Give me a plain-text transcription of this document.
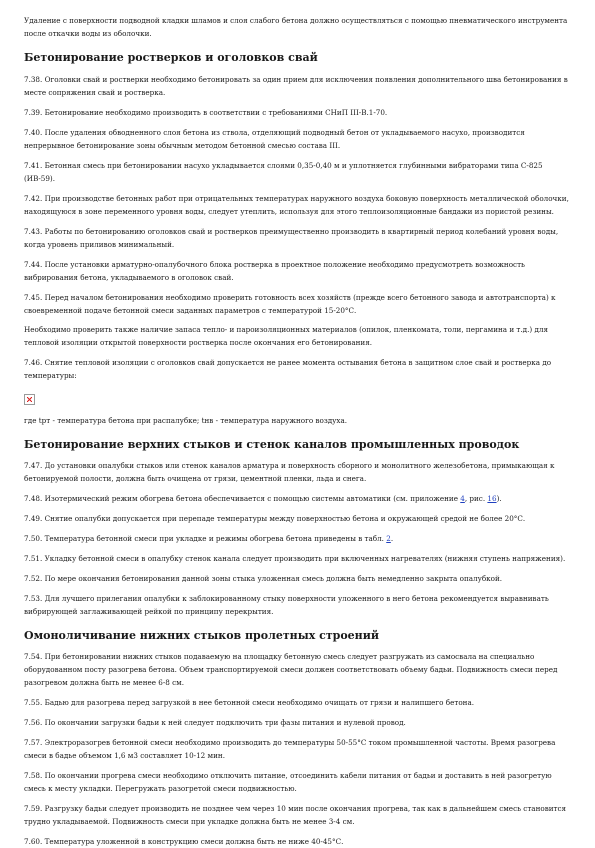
Удаление с поверхности подводной кладки шламов и слоя слабого бетона должно осуществляться с помощью пневматического инструмента после откачки воды из оболочки.

Бетонирование ростверков и оголовков свай

7.38. Оголовки свай и ростверки необходимо бетонировать за один прием для исключения появления дополнительного шва бетонирования в месте сопряжения свай и ростверка.

7.39. Бетонирование необходимо производить в соответствии с требованиями СНиП III-В.1-70.

7.40. После удаления обводненного слоя бетона из ствола, отделяющий подводный бетон от укладываемого насухо, производится непрерывное бетонирование зоны обычным методом бетонной смесью состава III.

7.41. Бетонная смесь при бетонировании насухо укладывается слоями 0,35-0,40 м и уплотняется глубинными вибраторами типа С-825 (ИВ-59).

7.42. При производстве бетонных работ при отрицательных температурах наружного воздуха боковую поверхность металлической оболочки, находящуюся в зоне переменного уровня воды, следует утеплить, используя для этого теплоизоляционные бандажи из пористой резины.

7.43. Работы по бетонированию оголовков свай и ростверков преимущественно производить в квартирный период колебаний уровня воды, когда уровень приливов минимальный.

7.44. После установки арматурно-опалубочного блока ростверка в проектное положение необходимо предусмотреть возможность вибрирования бетона, укладываемого в оголовок свай.

7.45. Перед началом бетонирования необходимо проверить готовность всех хозяйств (прежде всего бетонного завода и автотранспорта) к своевременной подаче бетонной смеси заданных параметров с температурой 15-20°С.

Необходимо проверить также наличие запаса тепло- и пароизоляционных материалов (опилок, пленкомата, толи, пергамина и т.д.) для тепловой изоляции открытой поверхности ростверка после окончания его бетонирования.

7.46. Снятие тепловой изоляции с оголовков свай допускается не ранее момента остывания бетона в защитном слое свай и ростверка до температуры:

где tрт - температура бетона при распалубке; tнв - температура наружного воздуха.

Бетонирование верхних стыков и стенок каналов промышленных проводок

7.47. До установки опалубки стыков или стенок каналов арматура и поверхность сборного и монолитного железобетона, примыкающая к бетонируемой полости, должна быть очищена от грязи, цементной пленки, льда и снега.

7.48. Изотермический режим обогрева бетона обеспечивается с помощью системы автоматики (см. приложение 4, рис. 16).

7.49. Снятие опалубки допускается при перепаде температуры между поверхностью бетона и окружающей средой не более 20°С.

7.50. Температура бетонной смеси при укладке и режимы обогрева бетона приведены в табл. 2.

7.51. Укладку бетонной смеси в опалубку стенок канала следует производить при включенных нагревателях (нижняя ступень напряжения).

7.52. По мере окончания бетонирования данной зоны стыка уложенная смесь должна быть немедленно закрыта опалубкой.

7.53. Для лучшего прилегания опалубки к заблокированному стыку поверхности уложенного в него бетона рекомендуется выравнивать вибрирующей заглаживающей рейкой по принципу перекрытия.

Омоноличивание нижних стыков пролетных строений

7.54. При бетонировании нижних стыков подаваемую на площадку бетонную смесь следует разгружать из самосвала на специально оборудованном посту разогрева бетона. Объем транспортируемой смеси должен соответствовать объему бадьи. Подвижность смеси перед разогревом должна быть не менее 6-8 см.

7.55. Бадью для разогрева перед загрузкой в нее бетонной смеси необходимо очищать от грязи и налипшего бетона.

7.56. По окончании загрузки бадьи к ней следует подключить три фазы питания и нулевой провод.

7.57. Электроразогрев бетонной смеси необходимо производить до температуры 50-55°С током промышленной частоты. Время разогрева смеси в бадье объемом 1,6 м3 составляет 10-12 мин.

7.58. По окончании прогрева смеси необходимо отключить питание, отсоединить кабели питания от бадьи и доставить в ней разогретую смесь к месту укладки. Перегружать разогретой смеси подвижностью.

7.59. Разгрузку бадьи следует производить не позднее чем через 10 мин после окончания прогрева, так как в дальнейшем смесь становится трудно укладываемой. Подвижность смеси при укладке должна быть не менее 3-4 см.

7.60. Температура уложенной в конструкцию смеси должна быть не ниже 40-45°С.
